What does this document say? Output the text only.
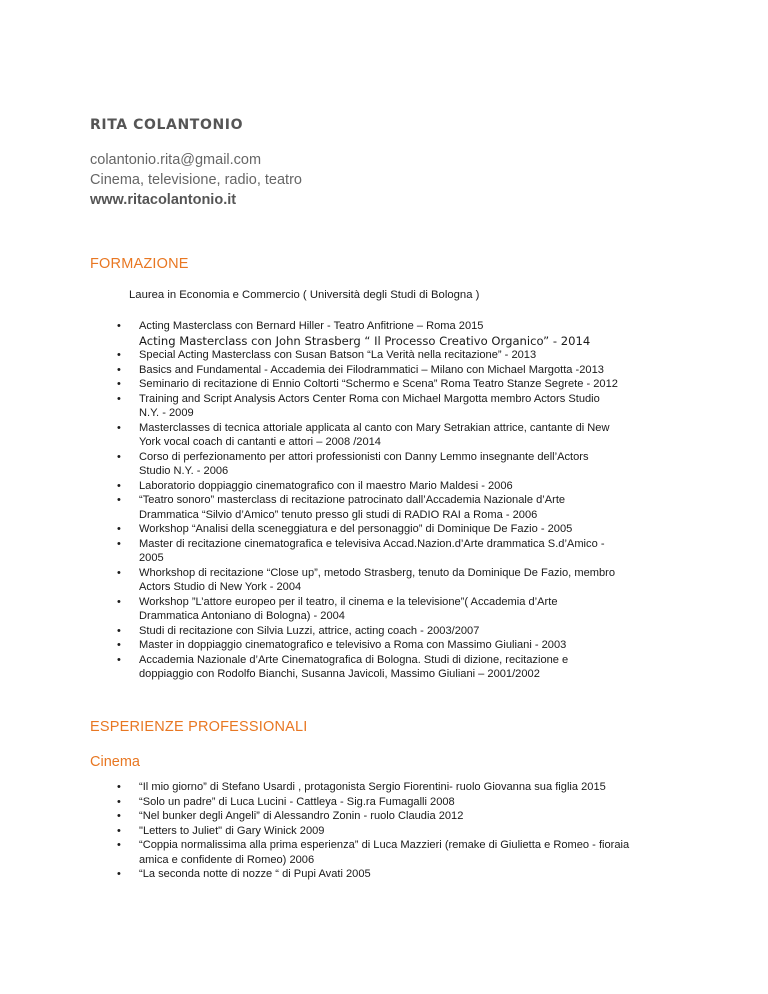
RITA COLANTONIO
colantonio.rita@gmail.com
Cinema, televisione, radio, teatro
www.ritacolantonio.it
FORMAZIONE
Laurea in Economia e Commercio ( Università degli Studi di Bologna )
• Acting Masterclass con Bernard Hiller - Teatro Anfitrione – Roma 2015
Acting Masterclass con John Strasberg “ Il Processo Creativo Organico” - 2014
• Special Acting Masterclass con Susan Batson “La Verità nella recitazione” - 2013
• Basics and Fundamental - Accademia dei Filodrammatici – Milano con Michael Margotta -2013
• Seminario di recitazione di Ennio Coltorti “Schermo e Scena” Roma Teatro Stanze Segrete - 2012
• Training and Script Analysis Actors Center Roma con Michael Margotta membro Actors Studio
N.Y. - 2009
• Masterclasses di tecnica attoriale applicata al canto con Mary Setrakian attrice, cantante di New
York vocal coach di cantanti e attori – 2008 /2014
• Corso di perfezionamento per attori professionisti con Danny Lemmo insegnante dell’Actors
Studio N.Y. - 2006
• Laboratorio doppiaggio cinematografico con il maestro Mario Maldesi - 2006
• “Teatro sonoro” masterclass di recitazione patrocinato dall’Accademia Nazionale d’Arte
Drammatica “Silvio d’Amico” tenuto presso gli studi di RADIO RAI a Roma - 2006
• Workshop “Analisi della sceneggiatura e del personaggio” di Dominique De Fazio - 2005
• Master di recitazione cinematografica e televisiva Accad.Nazion.d’Arte drammatica S.d’Amico -
2005
• Whorkshop di recitazione “Close up”, metodo Strasberg, tenuto da Dominique De Fazio, membro
Actors Studio di New York - 2004
• Workshop ”L’attore europeo per il teatro, il cinema e la televisione”( Accademia d’Arte
Drammatica Antoniano di Bologna) - 2004
• Studi di recitazione con Silvia Luzzi, attrice, acting coach - 2003/2007
• Master in doppiaggio cinematografico e televisivo a Roma con Massimo Giuliani - 2003
• Accademia Nazionale d’Arte Cinematografica di Bologna. Studi di dizione, recitazione e
doppiaggio con Rodolfo Bianchi, Susanna Javicoli, Massimo Giuliani – 2001/2002
ESPERIENZE PROFESSIONALI
Cinema
• “Il mio giorno” di Stefano Usardi , protagonista Sergio Fiorentini- ruolo Giovanna sua figlia 2015
• “Solo un padre” di Luca Lucini - Cattleya - Sig.ra Fumagalli 2008
• “Nel bunker degli Angeli” di Alessandro Zonin - ruolo Claudia 2012
• "Letters to Juliet" di Gary Winick 2009
• “Coppia normalissima alla prima esperienza” di Luca Mazzieri (remake di Giulietta e Romeo - fioraia
amica e confidente di Romeo) 2006
• “La seconda notte di nozze “ di Pupi Avati 2005
